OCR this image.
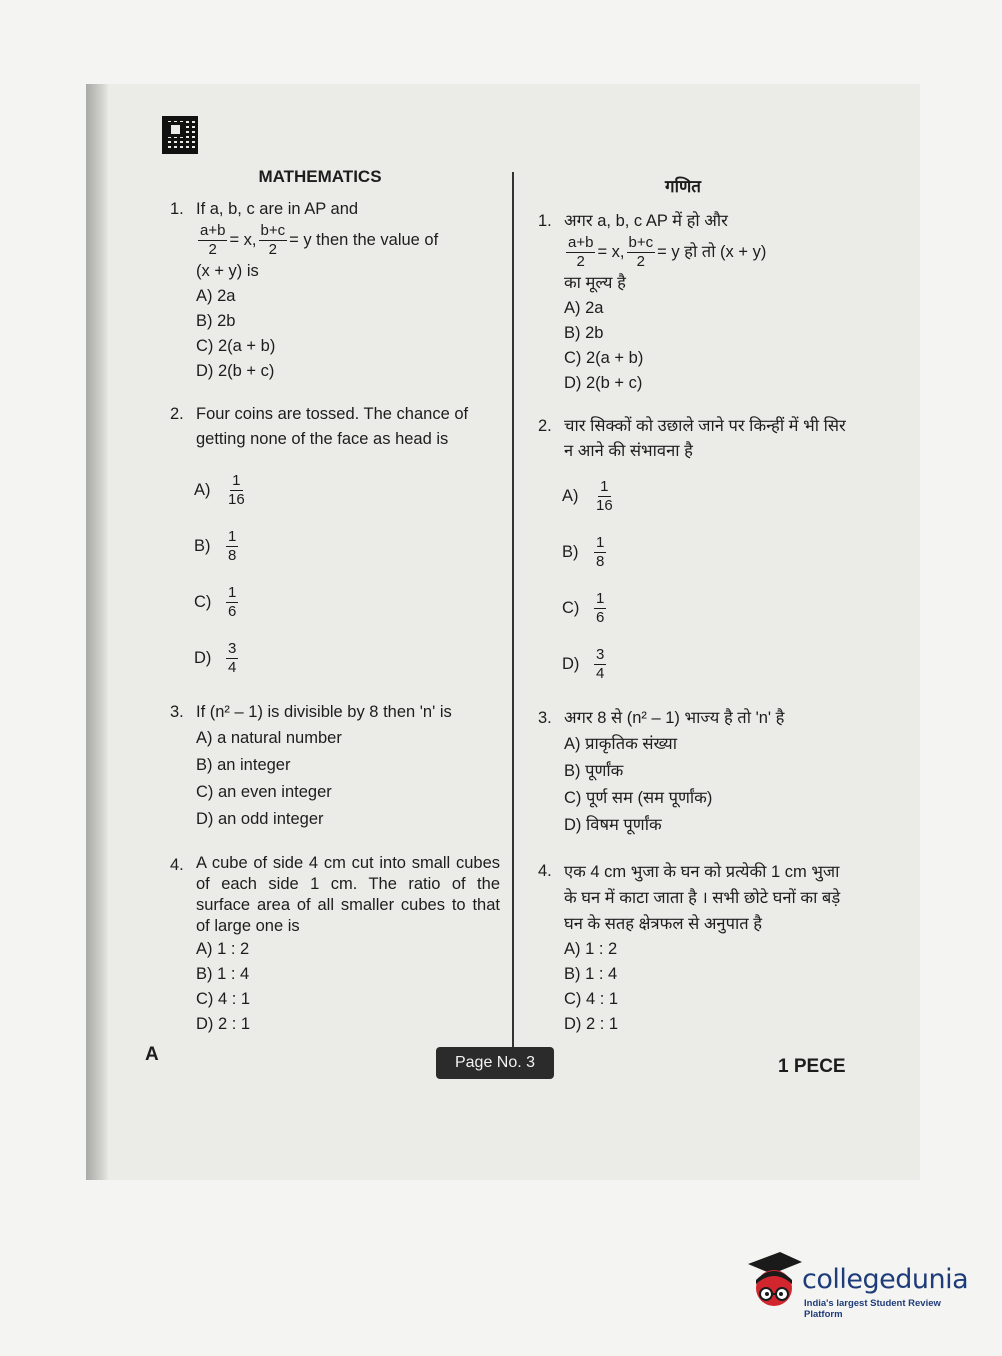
MATHEMATICS
1. If a, b, c are in AP and
$\frac{a+b}{2} = x$, $\frac{b+c}{2} = y$ then the value of
(x + y) is
A) 2a
B) 2b
C) 2(a + b)
D) 2(b + c)
2. Four coins are tossed. The chance of getting none of the face as head is
A)	$\frac{1}{16}$
B)	$\frac{1}{8}$
$C) \frac{1}{6}$
$D) \frac{3}{4}$
3. If (n² – 1) is divisible by 8 then 'n' is
A) a natural number
B) an integer
C) an even integer
D) an odd integer
4. A cube of side 4 cm cut into small cubes of each side 1 cm. The ratio of the surface area of all smaller cubes to that of large one is
A) 1 : 2
B) 1 : 4
C) 4 : 1
D) 2 : 1
गणित
1. अगर a, b, c AP में हो और
$\frac{a+b}{2} = x$, $\frac{b+c}{2} = y$ हो तो (x + y)
का मूल्य है
A) 2a
B) 2b
C) 2(a + b)
D) 2(b + c)
2. चार सिक्कों को उछाले जाने पर किन्हीं में भी सिर न आने की संभावना है
A)	$\frac{1}{16}$
B)	$\frac{1}{8}$
$C) \frac{1}{6}$
$D) \frac{3}{4}$
3. अगर 8 से (n² – 1) भाज्य है तो 'n' है
A) प्राकृतिक संख्या
B) पूर्णांक
C) पूर्ण सम (सम पूर्णांक)
D) विषम पूर्णांक
4. एक 4 cm भुजा के घन को प्रत्येकी 1 cm भुजा के घन में काटा जाता है । सभी छोटे घनों का बड़े घन के सतह क्षेत्रफल से अनुपात है
A) 1 : 2
B) 1 : 4
C) 4 : 1
D) 2 : 1
A	Page No. 3	1 PECE
collegedunia
India's largest Student Review Platform
